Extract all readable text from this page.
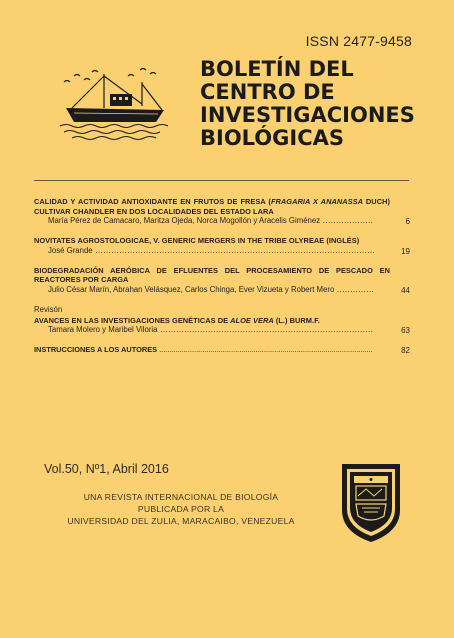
ISSN 2477-9458
BOLETÍN DEL
CENTRO DE
INVESTIGACIONES
BIOLÓGICAS
CALIDAD Y ACTIVIDAD ANTIOXIDANTE EN FRUTOS DE FRESA (FRAGARIA X ANANASSA DUCH) CULTIVAR CHANDLER EN DOS LOCALIDADES DEL ESTADO LARA
María Pérez de Camacaro, Maritza Ojeda, Norca Mogollón y Aracelis Giménez .....	6
NOVITATES AGROSTOLOGICAE, V. GENERIC MERGERS IN THE TRIBE OLYREAE (INGLÉS)
José Grande .....	19
BIODEGRADACIÓN AERÓBICA DE EFLUENTES DEL PROCESAMIENTO DE PESCADO EN REACTORES POR CARGA
Julio César Marín, Abrahan Velásquez, Carlos Chinga, Ever Vizueta y Robert Mero .....	44
Revisón
AVANCES EN LAS INVESTIGACIONES GENÉTICAS DE ALOE VERA (L.) BURM.F.
Tamara Molero y Maribel Viloria .....	63
INSTRUCCIONES A LOS AUTORES .....	82
Vol.50, Nº1, Abril 2016
UNA REVISTA INTERNACIONAL DE BIOLOGÍA
PUBLICADA POR LA
UNIVERSIDAD DEL ZULIA, MARACAIBO, VENEZUELA
